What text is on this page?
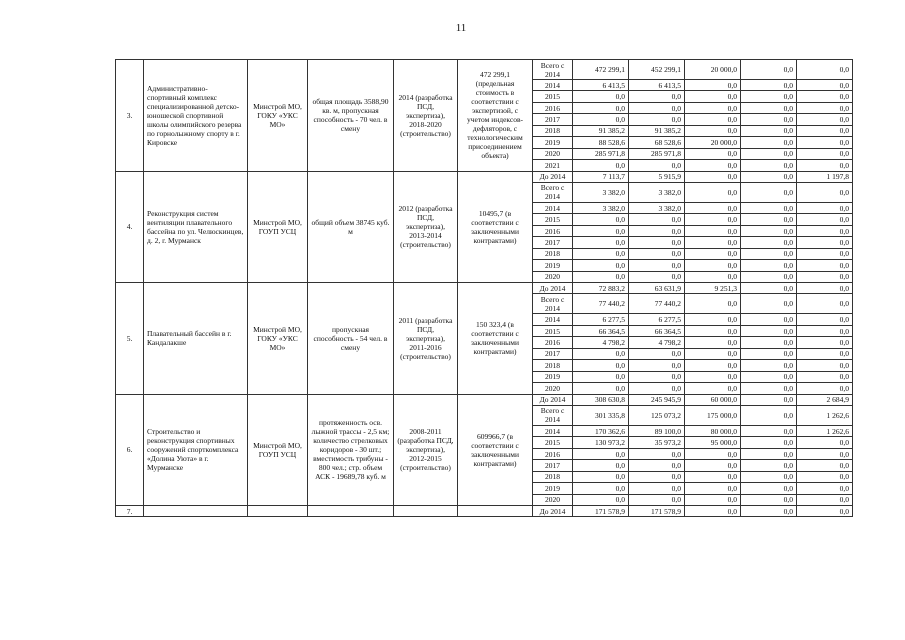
11
3.	Административно-спортивный комплекс специализированной детско-юношеской спортивной школы олимпийского резерва по горнолыжному спорту в г. Кировске	Минстрой МО, ГОКУ «УКС МО»	общая площадь 3588,90 кв. м, пропускная способность - 70 чел. в смену	2014 (разработка ПСД, экспертиза), 2018-2020 (строительство)	472 299,1 (предельная стоимость в соответствии с экспертизой, с учетом индексов-дефляторов, с технологическим присоединением объекта)	Всего с 2014	472 299,1	452 299,1	20 000,0	0,0	0,0
						2014	6 413,5	6 413,5	0,0	0,0	0,0
						2015	0,0	0,0	0,0	0,0	0,0
						2016	0,0	0,0	0,0	0,0	0,0
						2017	0,0	0,0	0,0	0,0	0,0
						2018	91 385,2	91 385,2	0,0	0,0	0,0
						2019	88 528,6	68 528,6	20 000,0	0,0	0,0
						2020	285 971,8	285 971,8	0,0	0,0	0,0
						2021	0,0	0,0	0,0	0,0	0,0
4.	Реконструкция систем вентиляции плавательного бассейна по ул. Челюскинцев, д. 2, г. Мурманск	Минстрой МО, ГОУП УСЦ	общий объем 38745 куб. м	2012 (разработка ПСД, экспертиза), 2013-2014 (строительство)	10495,7 (в соответствии с заключенными контрактами)	До 2014	7 113,7	5 915,9	0,0	0,0	1 197,8
						Всего с 2014	3 382,0	3 382,0	0,0	0,0	0,0
						2014	3 382,0	3 382,0	0,0	0,0	0,0
						2015	0,0	0,0	0,0	0,0	0,0
						2016	0,0	0,0	0,0	0,0	0,0
						2017	0,0	0,0	0,0	0,0	0,0
						2018	0,0	0,0	0,0	0,0	0,0
						2019	0,0	0,0	0,0	0,0	0,0
						2020	0,0	0,0	0,0	0,0	0,0
5.	Плавательный бассейн в г. Кандалакше	Минстрой МО, ГОКУ «УКС МО»	пропускная способность - 54 чел. в смену	2011 (разработка ПСД, экспертиза), 2011-2016 (строительство)	150 323,4 (в соответствии с заключенными контрактами)	До 2014	72 883,2	63 631,9	9 251,3	0,0	0,0
						Всего с 2014	77 440,2	77 440,2	0,0	0,0	0,0
						2014	6 277,5	6 277,5	0,0	0,0	0,0
						2015	66 364,5	66 364,5	0,0	0,0	0,0
						2016	4 798,2	4 798,2	0,0	0,0	0,0
						2017	0,0	0,0	0,0	0,0	0,0
						2018	0,0	0,0	0,0	0,0	0,0
						2019	0,0	0,0	0,0	0,0	0,0
						2020	0,0	0,0	0,0	0,0	0,0
6.	Строительство и реконструкция спортивных сооружений спорткомплекса «Долина Уюта» в г. Мурманске	Минстрой МО, ГОУП УСЦ	протяженность осв. лыжной трассы - 2,5 км; количество стрелковых коридоров - 30 шт.; вместимость трибуны - 800 чел.; стр. объем АСК - 19689,78 куб. м	2008-2011 (разработка ПСД, экспертиза), 2012-2015 (строительство)	609966,7 (в соответствии с заключенными контрактами)	До 2014	308 630,8	245 945,9	60 000,0	0,0	2 684,9
						Всего с 2014	301 335,8	125 073,2	175 000,0	0,0	1 262,6
						2014	170 362,6	89 100,0	80 000,0	0,0	1 262,6
						2015	130 973,2	35 973,2	95 000,0	0,0	0,0
						2016	0,0	0,0	0,0	0,0	0,0
						2017	0,0	0,0	0,0	0,0	0,0
						2018	0,0	0,0	0,0	0,0	0,0
						2019	0,0	0,0	0,0	0,0	0,0
						2020	0,0	0,0	0,0	0,0	0,0
7.						До 2014	171 578,9	171 578,9	0,0	0,0	0,0
